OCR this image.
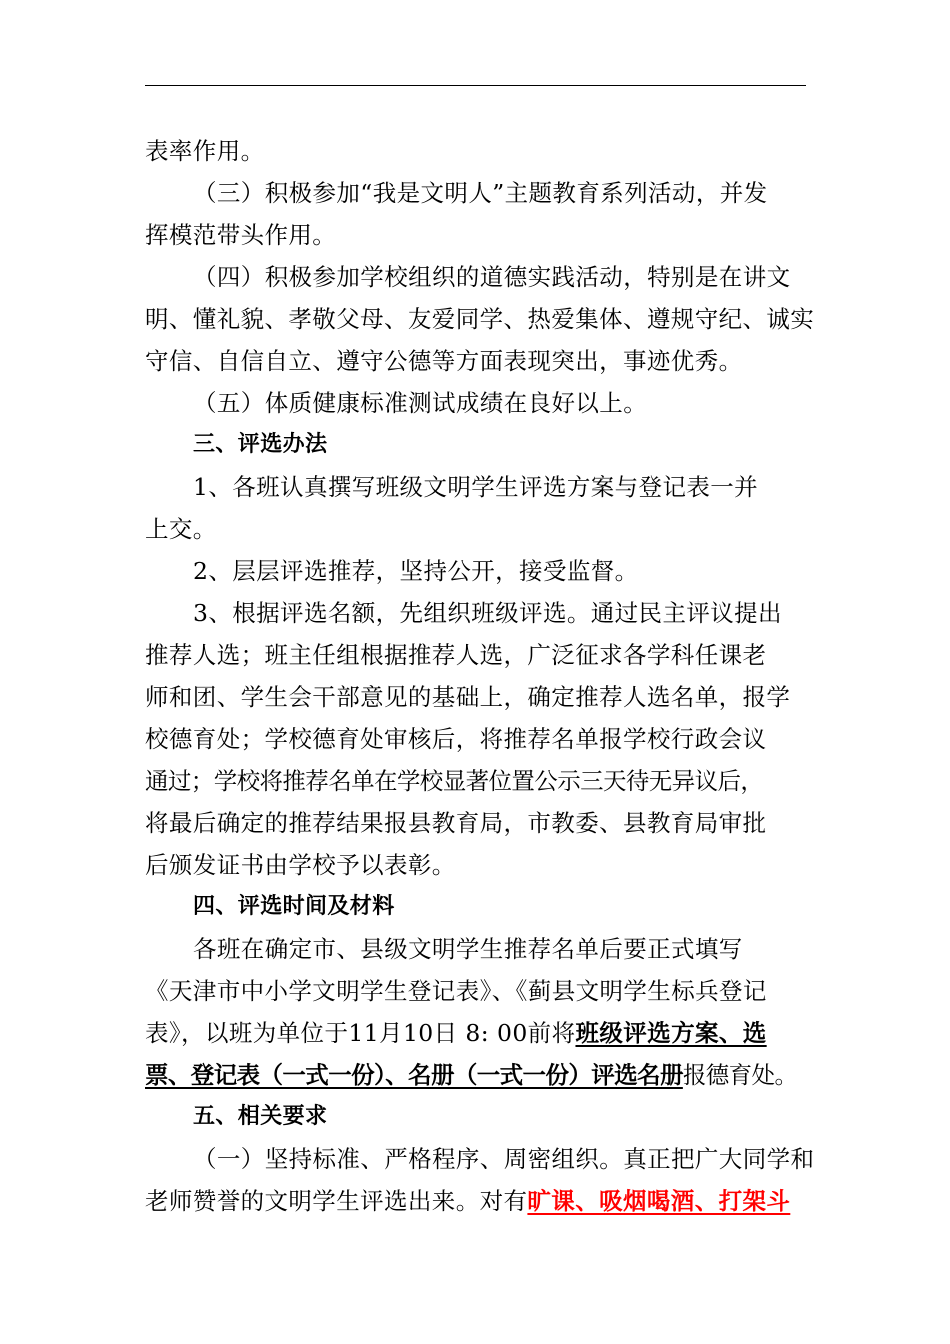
表率作用。
（三）积极参加“我是文明人”主题教育系列活动，并发
挥模范带头作用。
（四）积极参加学校组织的道德实践活动，特别是在讲文
明、懂礼貌、孝敬父母、友爱同学、热爱集体、遵规守纪、诚实
守信、自信自立、遵守公德等方面表现突出，事迹优秀。
（五）体质健康标准测试成绩在良好以上。
三、评选办法
1、各班认真撰写班级文明学生评选方案与登记表一并
上交。
2、层层评选推荐，坚持公开，接受监督。
3、根据评选名额，先组织班级评选。通过民主评议提出
推荐人选；班主任组根据推荐人选，广泛征求各学科任课老
师和团、学生会干部意见的基础上，确定推荐人选名单，报学
校德育处；学校德育处审核后，将推荐名单报学校行政会议
通过；学校将推荐名单在学校显著位置公示三天待无异议后，
将最后确定的推荐结果报县教育局，市教委、县教育局审批
后颁发证书由学校予以表彰。
四、评选时间及材料
各班在确定市、县级文明学生推荐名单后要正式填写
《天津市中小学文明学生登记表》、《蓟县文明学生标兵登记
表》，以班为单位于11月10日 8: 00前将班级评选方案、选
票、登记表（一式一份）、名册（一式一份）评选名册报德育处。
五、相关要求
（一）坚持标准、严格程序、周密组织。真正把广大同学和
老师赞誉的文明学生评选出来。对有旷课、吸烟喝酒、打架斗
